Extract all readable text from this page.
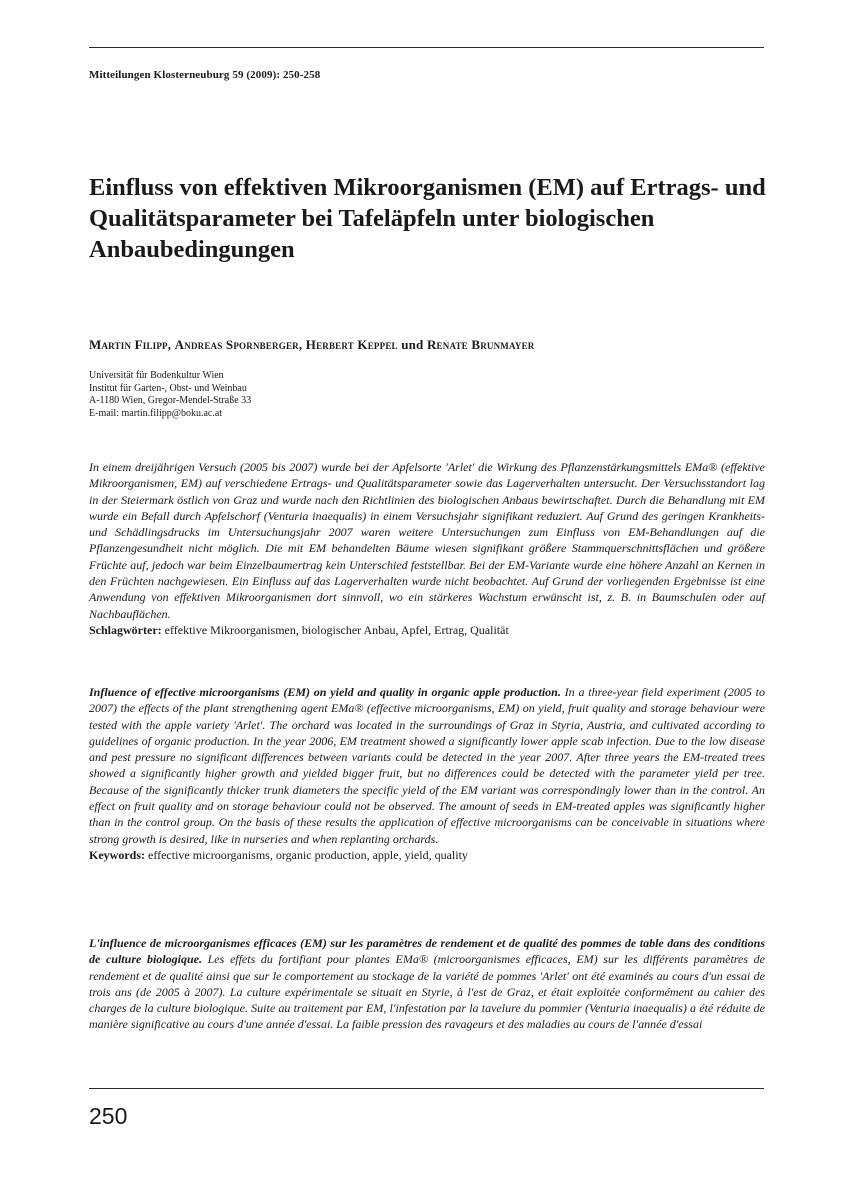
Mitteilungen Klosterneuburg 59 (2009): 250-258
Einfluss von effektiven Mikroorganismen (EM) auf Ertrags- und Qualitätsparameter bei Tafeläpfeln unter biologischen Anbaubedingungen
Martin Filipp, Andreas Spornberger, Herbert Keppel und Renate Brunmayer
Universität für Bodenkultur Wien
Institut für Garten-, Obst- und Weinbau
A-1180 Wien, Gregor-Mendel-Straße 33
E-mail: martin.filipp@boku.ac.at

In einem dreijährigen Versuch (2005 bis 2007) wurde bei der Apfelsorte 'Arlet' die Wirkung des Pflanzenstärkungsmittels EMa® (effektive Mikroorganismen, EM) auf verschiedene Ertrags- und Qualitätsparameter sowie das Lagerverhalten untersucht. Der Versuchsstandort lag in der Steiermark östlich von Graz und wurde nach den Richtlinien des biologischen Anbaus bewirtschaftet. Durch die Behandlung mit EM wurde ein Befall durch Apfelschorf (Venturia inaequalis) in einem Versuchsjahr signifikant reduziert. Auf Grund des geringen Krankheits- und Schädlingsdrucks im Untersuchungsjahr 2007 waren weitere Untersuchungen zum Einfluss von EM-Behandlungen auf die Pflanzengesundheit nicht möglich. Die mit EM behandelten Bäume wiesen signifikant größere Stammquerschnittsflächen und größere Früchte auf, jedoch war beim Einzelbaumertrag kein Unterschied feststellbar. Bei der EM-Variante wurde eine höhere Anzahl an Kernen in den Früchten nachgewiesen. Ein Einfluss auf das Lagerverhalten wurde nicht beobachtet. Auf Grund der vorliegenden Ergebnisse ist eine Anwendung von effektiven Mikroorganismen dort sinnvoll, wo ein stärkeres Wachstum erwünscht ist, z. B. in Baumschulen oder auf Nachbauflächen.
Schlagwörter: effektive Mikroorganismen, biologischer Anbau, Apfel, Ertrag, Qualität

Influence of effective microorganisms (EM) on yield and quality in organic apple production. In a three-year field experiment (2005 to 2007) the effects of the plant strengthening agent EMa® (effective microorganisms, EM) on yield, fruit quality and storage behaviour were tested with the apple variety 'Arlet'. The orchard was located in the surroundings of Graz in Styria, Austria, and cultivated according to guidelines of organic production. In the year 2006, EM treatment showed a significantly lower apple scab infection. Due to the low disease and pest pressure no significant differences between variants could be detected in the year 2007. After three years the EM-treated trees showed a significantly higher growth and yielded bigger fruit, but no differences could be detected with the parameter yield per tree. Because of the significantly thicker trunk diameters the specific yield of the EM variant was correspondingly lower than in the control. An effect on fruit quality and on storage behaviour could not be observed. The amount of seeds in EM-treated apples was significantly higher than in the control group. On the basis of these results the application of effective microorganisms can be conceivable in situations where strong growth is desired, like in nurseries and when replanting orchards.
Keywords: effective microorganisms, organic production, apple, yield, quality

L'influence de microorganismes efficaces (EM) sur les paramètres de rendement et de qualité des pommes de table dans des conditions de culture biologique. Les effets du fortifiant pour plantes EMa® (microorganismes efficaces, EM) sur les différents paramètres de rendement et de qualité ainsi que sur le comportement au stockage de la variété de pommes 'Arlet' ont été examinés au cours d'un essai de trois ans (de 2005 à 2007). La culture expérimentale se situait en Styrie, à l'est de Graz, et était exploitée conformément au cahier des charges de la culture biologique. Suite au traitement par EM, l'infestation par la tavelure du pommier (Venturia inaequalis) a été réduite de manière significative au cours d'une année d'essai. La faible pression des ravageurs et des maladies au cours de l'année d'essai

250
